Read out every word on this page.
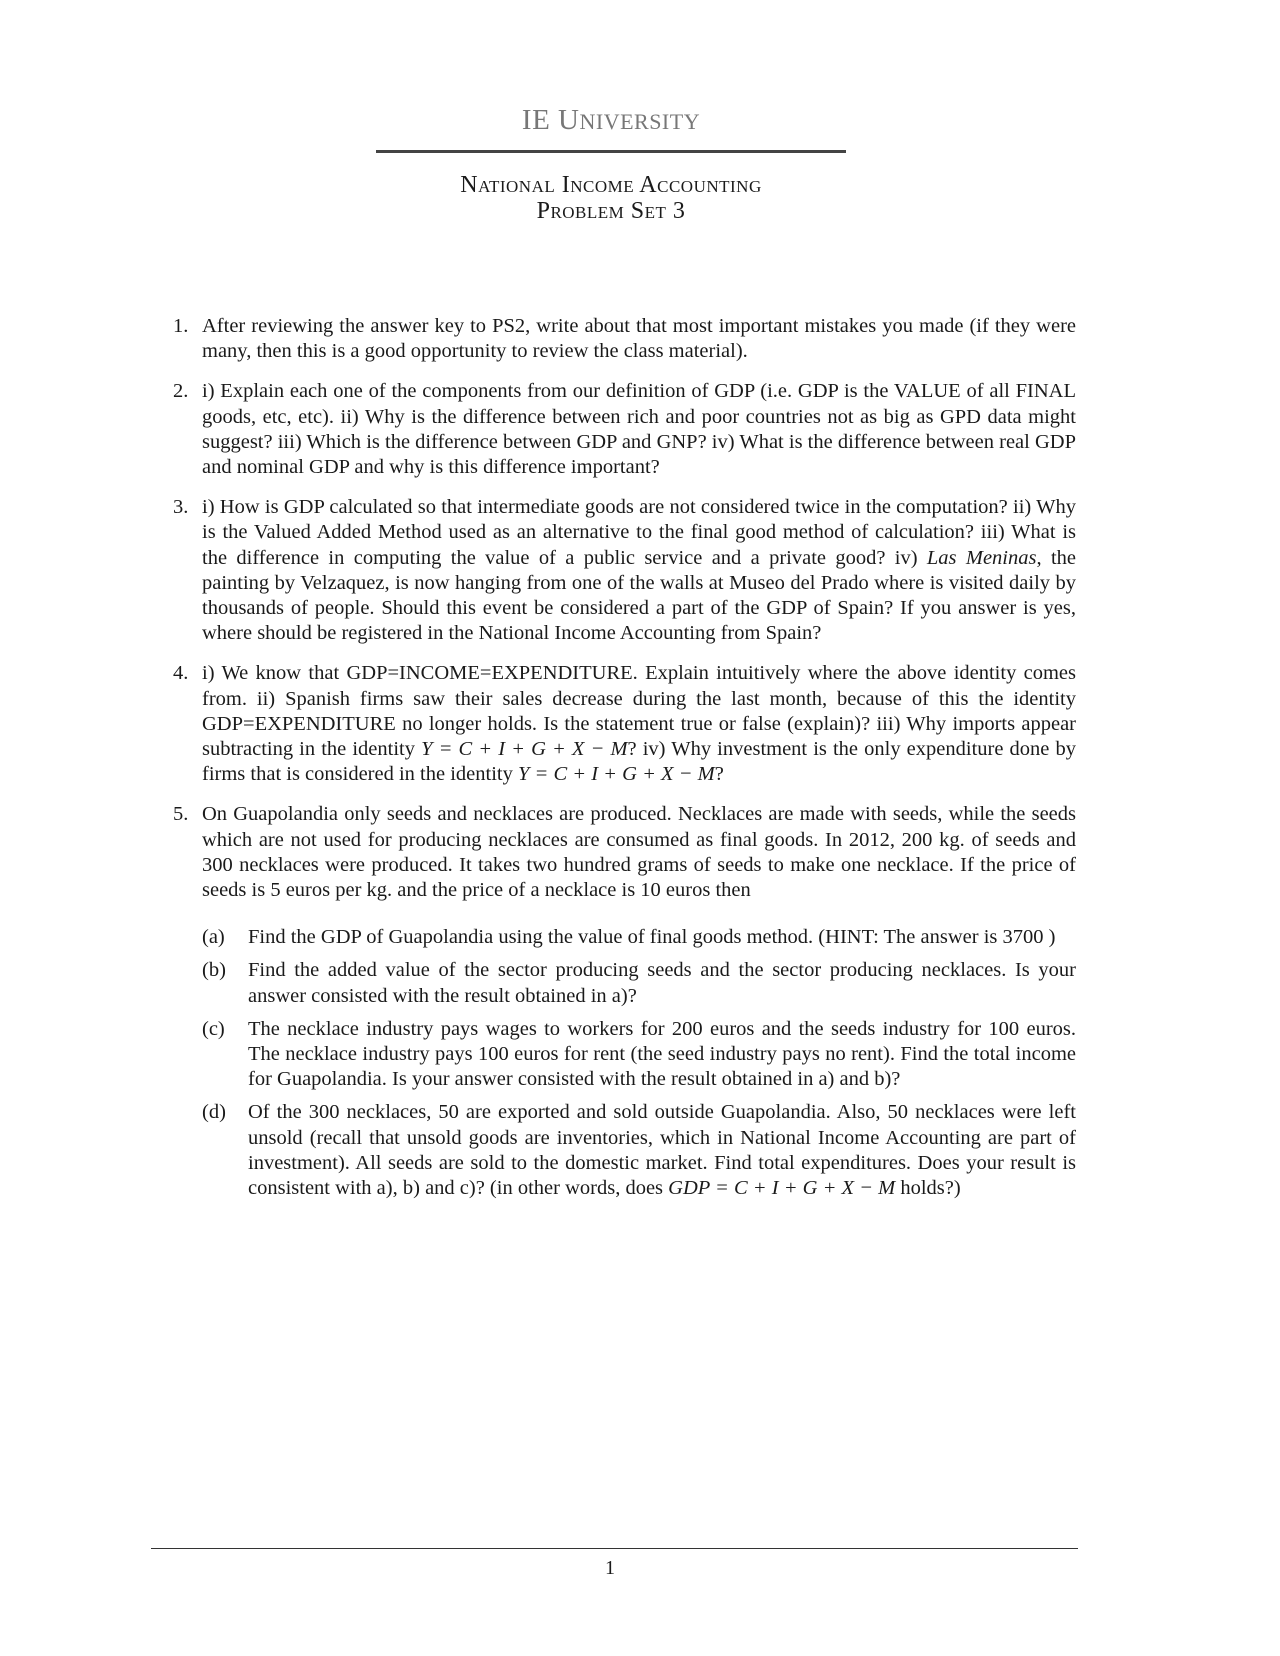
IE UNIVERSITY
National Income Accounting
Problem Set 3
1. After reviewing the answer key to PS2, write about that most important mistakes you made (if they were many, then this is a good opportunity to review the class material).
2. i) Explain each one of the components from our definition of GDP (i.e. GDP is the VALUE of all FINAL goods, etc, etc). ii) Why is the difference between rich and poor countries not as big as GPD data might suggest? iii) Which is the difference between GDP and GNP? iv) What is the difference between real GDP and nominal GDP and why is this difference important?
3. i) How is GDP calculated so that intermediate goods are not considered twice in the computation? ii) Why is the Valued Added Method used as an alternative to the final good method of calculation? iii) What is the difference in computing the value of a public service and a private good? iv) Las Meninas, the painting by Velzaquez, is now hanging from one of the walls at Museo del Prado where is visited daily by thousands of people. Should this event be considered a part of the GDP of Spain? If you answer is yes, where should be registered in the National Income Accounting from Spain?
4. i) We know that GDP=INCOME=EXPENDITURE. Explain intuitively where the above identity comes from. ii) Spanish firms saw their sales decrease during the last month, because of this the identity GDP=EXPENDITURE no longer holds. Is the statement true or false (explain)? iii) Why imports appear subtracting in the identity Y = C + I + G + X − M? iv) Why investment is the only expenditure done by firms that is considered in the identity Y = C + I + G + X − M?
5. On Guapolandia only seeds and necklaces are produced. Necklaces are made with seeds, while the seeds which are not used for producing necklaces are consumed as final goods. In 2012, 200 kg. of seeds and 300 necklaces were produced. It takes two hundred grams of seeds to make one necklace. If the price of seeds is 5 euros per kg. and the price of a necklace is 10 euros then
(a) Find the GDP of Guapolandia using the value of final goods method. (HINT: The answer is 3700 )
(b) Find the added value of the sector producing seeds and the sector producing necklaces. Is your answer consisted with the result obtained in a)?
(c) The necklace industry pays wages to workers for 200 euros and the seeds industry for 100 euros. The necklace industry pays 100 euros for rent (the seed industry pays no rent). Find the total income for Guapolandia. Is your answer consisted with the result obtained in a) and b)?
(d) Of the 300 necklaces, 50 are exported and sold outside Guapolandia. Also, 50 necklaces were left unsold (recall that unsold goods are inventories, which in National Income Accounting are part of investment). All seeds are sold to the domestic market. Find total expenditures. Does your result is consistent with a), b) and c)? (in other words, does GDP = C + I + G + X − M holds?)
1
